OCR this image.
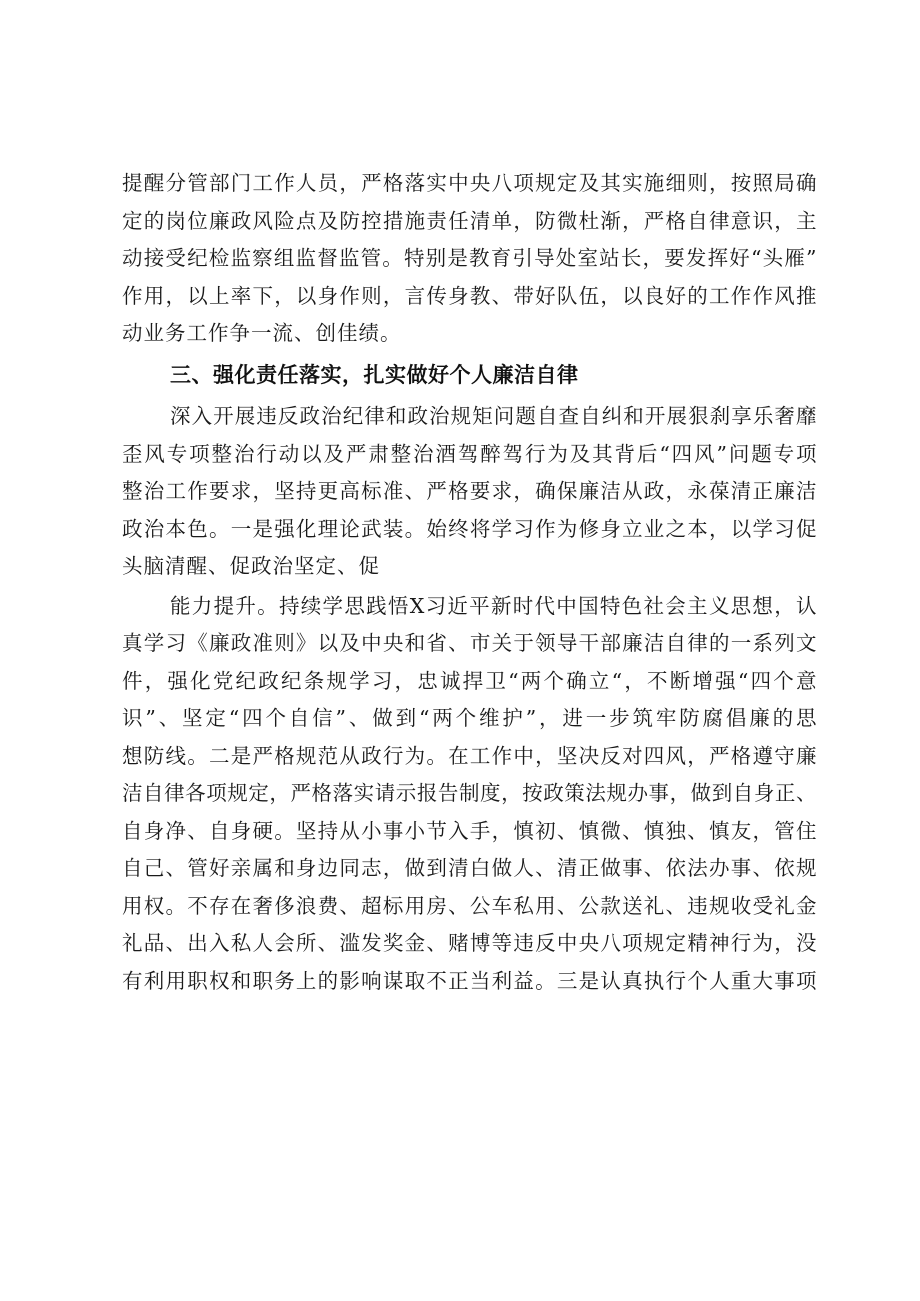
提醒分管部门工作人员，严格落实中央八项规定及其实施细则，按照局确
定的岗位廉政风险点及防控措施责任清单，防微杜渐，严格自律意识，主
动接受纪检监察组监督监管。特别是教育引导处室站长，要发挥好“头雁”
作用，以上率下，以身作则，言传身教、带好队伍，以良好的工作作风推
动业务工作争一流、创佳绩。
三、强化责任落实，扎实做好个人廉洁自律
深入开展违反政治纪律和政治规矩问题自查自纠和开展狠刹享乐奢靡
歪风专项整治行动以及严肃整治酒驾醉驾行为及其背后“四风”问题专项
整治工作要求，坚持更高标准、严格要求，确保廉洁从政，永葆清正廉洁
政治本色。一是强化理论武装。始终将学习作为修身立业之本，以学习促
头脑清醒、促政治坚定、促
能力提升。持续学思践悟X习近平新时代中国特色社会主义思想，认
真学习《廉政准则》以及中央和省、市关于领导干部廉洁自律的一系列文
件，强化党纪政纪条规学习，忠诚捍卫“两个确立“，不断增强“四个意
识”、坚定“四个自信”、做到“两个维护”，进一步筑牢防腐倡廉的思
想防线。二是严格规范从政行为。在工作中，坚决反对四风，严格遵守廉
洁自律各项规定，严格落实请示报告制度，按政策法规办事，做到自身正、
自身净、自身硬。坚持从小事小节入手，慎初、慎微、慎独、慎友，管住
自己、管好亲属和身边同志，做到清白做人、清正做事、依法办事、依规
用权。不存在奢侈浪费、超标用房、公车私用、公款送礼、违规收受礼金
礼品、出入私人会所、滥发奖金、赌博等违反中央八项规定精神行为，没
有利用职权和职务上的影响谋取不正当利益。三是认真执行个人重大事项
